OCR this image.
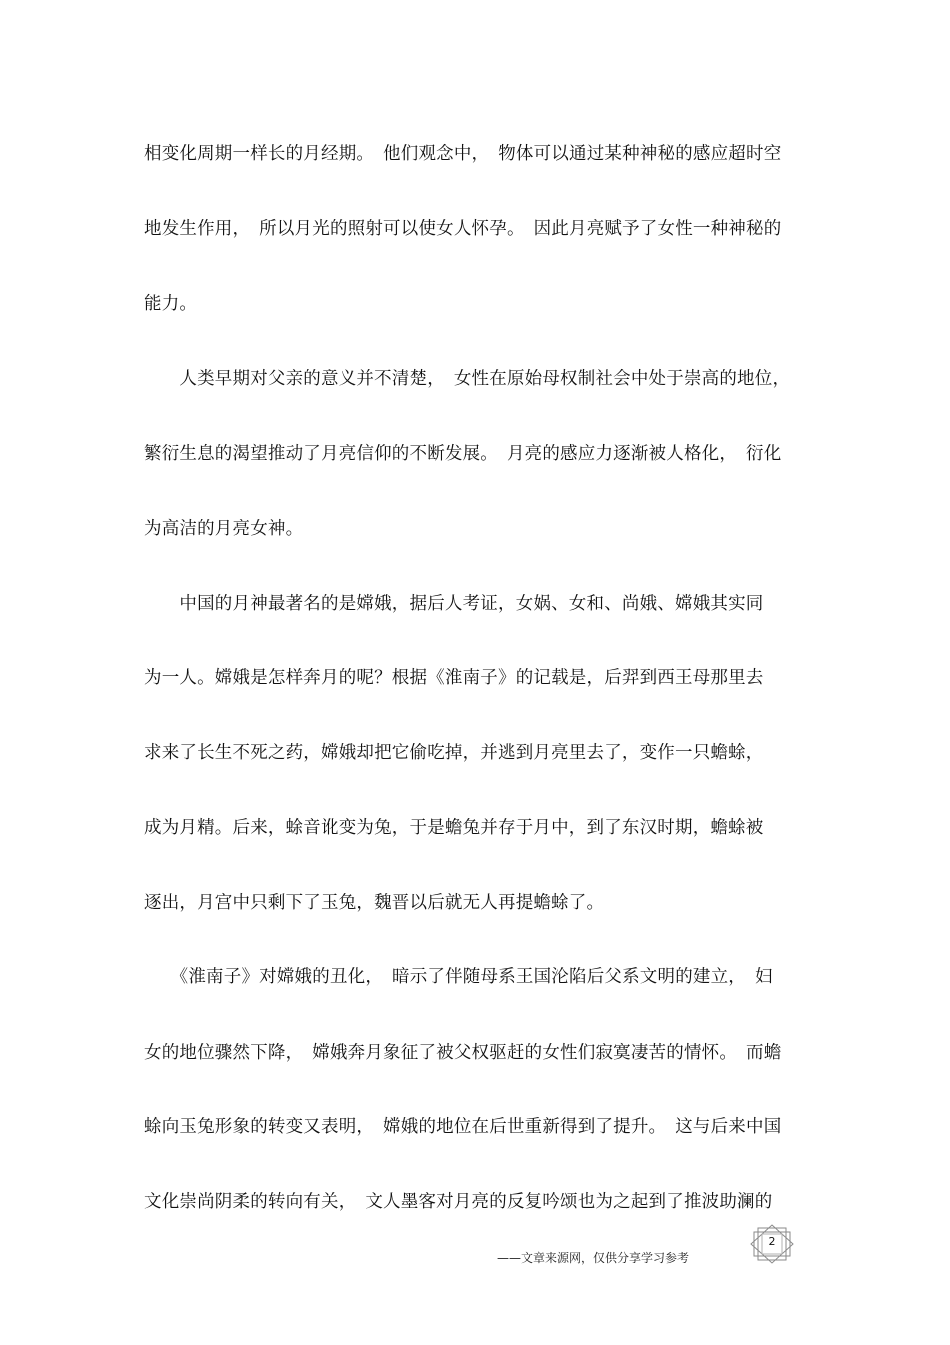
相变化周期一样长的月经期。　他们观念中，　物体可以通过某种神秘的感应超时空
地发生作用，　所以月光的照射可以使女人怀孕。　因此月亮赋予了女性一种神秘的
能力。
　　人类早期对父亲的意义并不清楚，　女性在原始母权制社会中处于崇高的地位，
繁衍生息的渴望推动了月亮信仰的不断发展。　月亮的感应力逐渐被人格化，　衍化
为高洁的月亮女神。
　　中国的月神最著名的是嫦娥，据后人考证，女娲、女和、尚娥、嫦娥其实同
为一人。嫦娥是怎样奔月的呢？根据《淮南子》的记载是，后羿到西王母那里去
求来了长生不死之药，嫦娥却把它偷吃掉，并逃到月亮里去了，变作一只蟾蜍，
成为月精。后来，蜍音讹变为兔，于是蟾兔并存于月中，到了东汉时期，蟾蜍被
逐出，月宫中只剩下了玉兔，魏晋以后就无人再提蟾蜍了。
　　《淮南子》对嫦娥的丑化，　暗示了伴随母系王国沦陷后父系文明的建立，　妇
女的地位骤然下降，　嫦娥奔月象征了被父权驱赶的女性们寂寞凄苦的情怀。　而蟾
蜍向玉兔形象的转变又表明，　嫦娥的地位在后世重新得到了提升。　这与后来中国
文化崇尚阴柔的转向有关，　文人墨客对月亮的反复吟颂也为之起到了推波助澜的
——文章来源网，仅供分享学习参考
2
